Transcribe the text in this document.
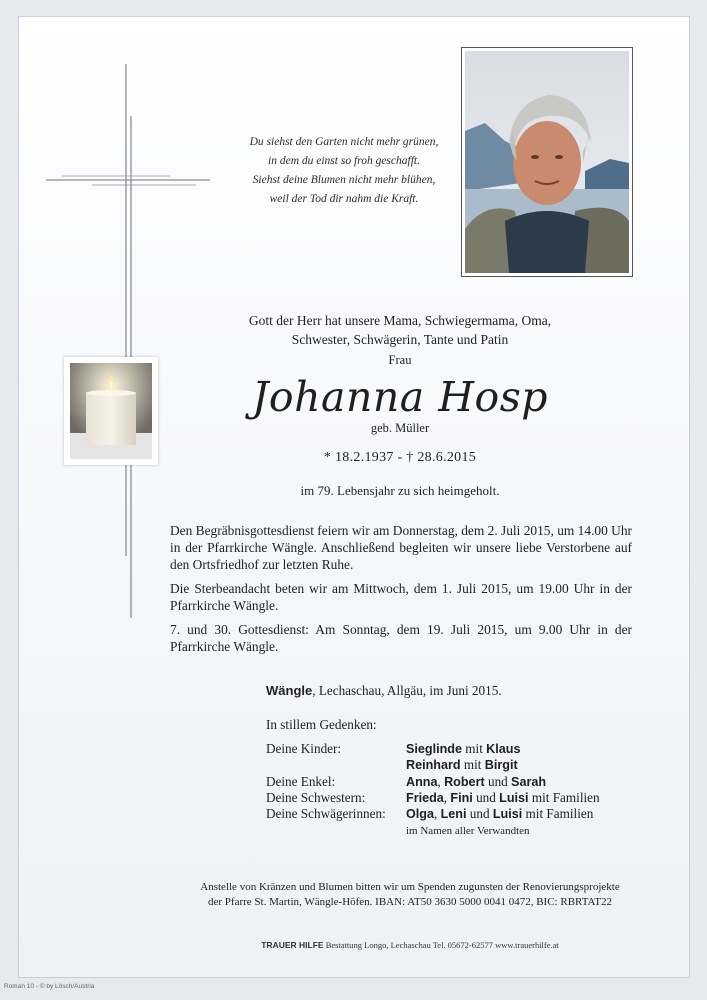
Du siehst den Garten nicht mehr grünen,
in dem du einst so froh geschafft.
Siehst deine Blumen nicht mehr blühen,
weil der Tod dir nahm die Kraft.
Gott der Herr hat unsere Mama, Schwiegermama, Oma,
Schwester, Schwägerin, Tante und Patin
Frau
Johanna Hosp
geb. Müller
* 18.2.1937 - † 28.6.2015
im 79. Lebensjahr zu sich heimgeholt.

Den Begräbnisgottesdienst feiern wir am Donnerstag, dem 2. Juli 2015, um 14.00 Uhr in der Pfarrkirche Wängle. Anschließend begleiten wir unsere liebe Verstorbene auf den Ortsfriedhof zur letzten Ruhe.

Die Sterbeandacht beten wir am Mittwoch, dem 1. Juli 2015, um 19.00 Uhr in der Pfarrkirche Wängle.

7. und 30. Gottesdienst: Am Sonntag, dem 19. Juli 2015, um 9.00 Uhr in der Pfarrkirche Wängle.

Wängle, Lechaschau, Allgäu, im Juni 2015.
In stillem Gedenken:
Deine Kinder:	Sieglinde mit Klaus
Reinhard mit Birgit
Deine Enkel:	Anna, Robert und Sarah
Deine Schwestern:	Frieda, Fini und Luisi mit Familien
Deine Schwägerinnen:	Olga, Leni und Luisi mit Familien
im Namen aller Verwandten
Anstelle von Kränzen und Blumen bitten wir um Spenden zugunsten der Renovierungsprojekte
der Pfarre St. Martin, Wängle-Höfen. IBAN: AT50 3630 5000 0041 0472, BIC: RBRTAT22
TRAUER HILFE Bestattung Longo, Lechaschau Tel. 05672-62577 www.trauerhilfe.at
Roman 10 - © by Lösch/Austria
